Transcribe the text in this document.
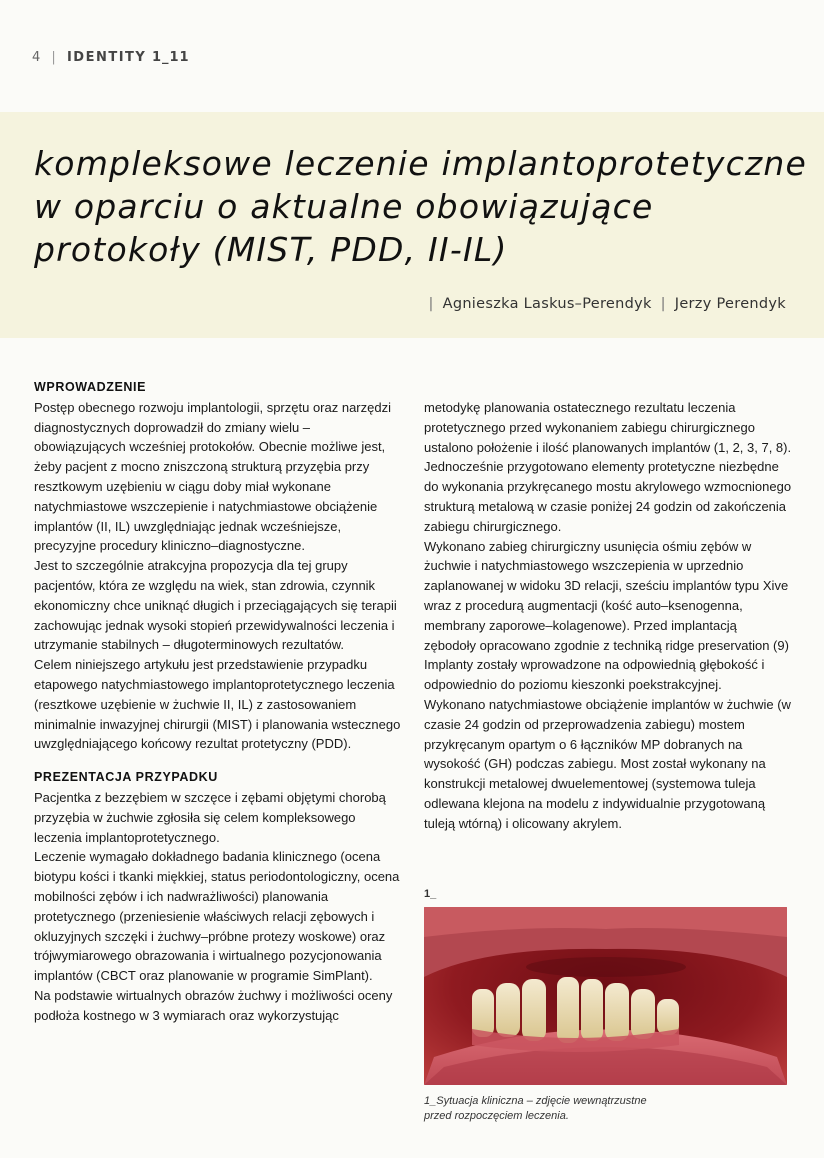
4 | IDENTITY 1_11
kompleksowe leczenie implantoprotetyczne
w oparciu o aktualne obowiązujące
protokoły (MIST, PDD, II-IL)
| Agnieszka Laskus–Perendyk | Jerzy Perendyk
WPROWADZENIE

Postęp obecnego rozwoju implantologii, sprzętu oraz narzędzi diagnostycznych doprowadził do zmiany wielu – obowiązujących wcześniej protokołów. Obecnie możliwe jest, żeby pacjent z mocno zniszczoną strukturą przyzębia przy resztkowym uzębieniu w ciągu doby miał wykonane natychmiastowe wszczepienie i natychmiastowe obciążenie implantów (II, IL) uwzględniając jednak wcześniejsze, precyzyjne procedury kliniczno–diagnostyczne.

Jest to szczególnie atrakcyjna propozycja dla tej grupy pacjentów, która ze względu na wiek, stan zdrowia, czynnik ekonomiczny chce uniknąć długich i przeciągających się terapii zachowując jednak wysoki stopień przewidywalności leczenia i utrzymanie stabilnych – długoterminowych rezultatów.

Celem niniejszego artykułu jest przedstawienie przypadku etapowego natychmiastowego implantoprotetycznego leczenia (resztkowe uzębienie w żuchwie II, IL) z zastosowaniem minimalnie inwazyjnej chirurgii (MIST) i planowania wstecznego uwzględniającego końcowy rezultat protetyczny (PDD).

PREZENTACJA PRZYPADKU

Pacjentka z bezzębiem w szczęce i zębami objętymi chorobą przyzębia w żuchwie zgłosiła się celem kompleksowego leczenia implantoprotetycznego.

Leczenie wymagało dokładnego badania klinicznego (ocena biotypu kości i tkanki miękkiej, status periodontologiczny, ocena mobilności zębów i ich nadwrażliwości) planowania protetycznego (przeniesienie właściwych relacji zębowych i okluzyjnych szczęki i żuchwy–próbne protezy woskowe) oraz trójwymiarowego obrazowania i wirtualnego pozycjonowania implantów (CBCT oraz planowanie w programie SimPlant).

Na podstawie wirtualnych obrazów żuchwy i możliwości oceny podłoża kostnego w 3 wymiarach oraz wykorzystując

metodykę planowania ostatecznego rezultatu leczenia protetycznego przed wykonaniem zabiegu chirurgicznego ustalono położenie i ilość planowanych implantów (1, 2, 3, 7, 8). Jednocześnie przygotowano elementy protetyczne niezbędne do wykonania przykręcanego mostu akrylowego wzmocnionego strukturą metalową w czasie poniżej 24 godzin od zakończenia zabiegu chirurgicznego.

Wykonano zabieg chirurgiczny usunięcia ośmiu zębów w żuchwie i natychmiastowego wszczepienia w uprzednio zaplanowanej w widoku 3D relacji, sześciu implantów typu Xive wraz z procedurą augmentacji (kość auto–ksenogenna, membrany zaporowe–kolagenowe). Przed implantacją zębodoły opracowano zgodnie z techniką ridge preservation (9) Implanty zostały wprowadzone na odpowiednią głębokość i odpowiednio do poziomu kieszonki poekstrakcyjnej.

Wykonano natychmiastowe obciążenie implantów w żuchwie (w czasie 24 godzin od przeprowadzenia zabiegu) mostem przykręcanym opartym o 6 łączników MP dobranych na wysokość (GH) podczas zabiegu. Most został wykonany na konstrukcji metalowej dwuelementowej (systemowa tuleja odlewana klejona na modelu z indywidualnie przygotowaną tuleją wtórną) i olicowany akrylem.

1_
1_Sytuacja kliniczna – zdjęcie wewnątrzustne
przed rozpoczęciem leczenia.
